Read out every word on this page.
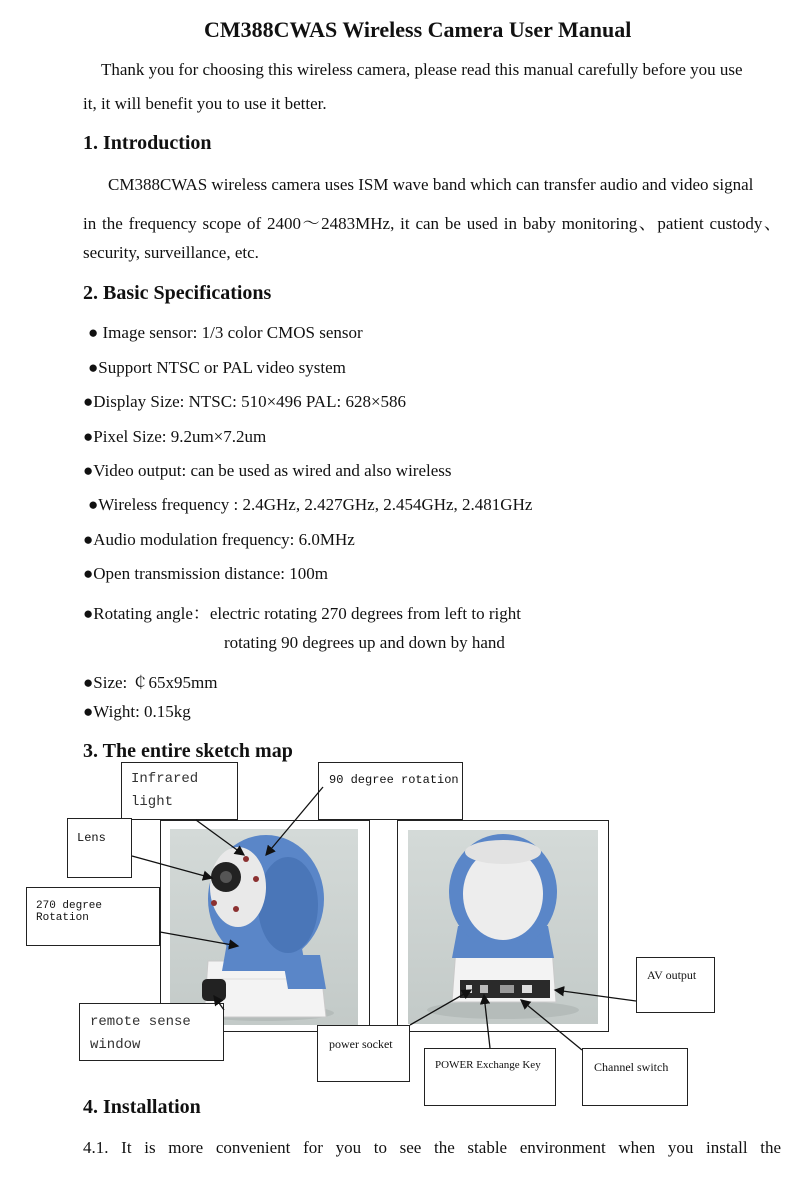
CM388CWAS Wireless Camera User Manual
Thank you for choosing this wireless camera, please read this manual carefully before you use
it, it will benefit you to use it better.
1. Introduction
CM388CWAS wireless camera uses ISM wave band which can transfer audio and video signal
in the frequency scope of 2400～2483MHz, it can be used in baby monitoring、patient custody、
security, surveillance, etc.
2. Basic Specifications
● Image sensor: 1/3 color CMOS sensor
●Support NTSC or PAL video system
●Display Size: NTSC: 510×496 PAL: 628×586
●Pixel Size: 9.2um×7.2um
●Video output: can be used as wired and also wireless
●Wireless frequency : 2.4GHz, 2.427GHz, 2.454GHz, 2.481GHz
●Audio modulation frequency: 6.0MHz
●Open transmission distance: 100m
●Rotating angle：electric rotating 270 degrees from left to right
rotating 90 degrees up and down by hand
●Size: ￠65x95mm
●Wight: 0.15kg
3. The entire sketch map
Infrared
light
90 degree rotation
Lens
270 degree Rotation
remote sense
window	power socket
POWER Exchange Key	Channel switch
AV output
4. Installation
4.1. It is more convenient for you to see the stable environment when you install the
